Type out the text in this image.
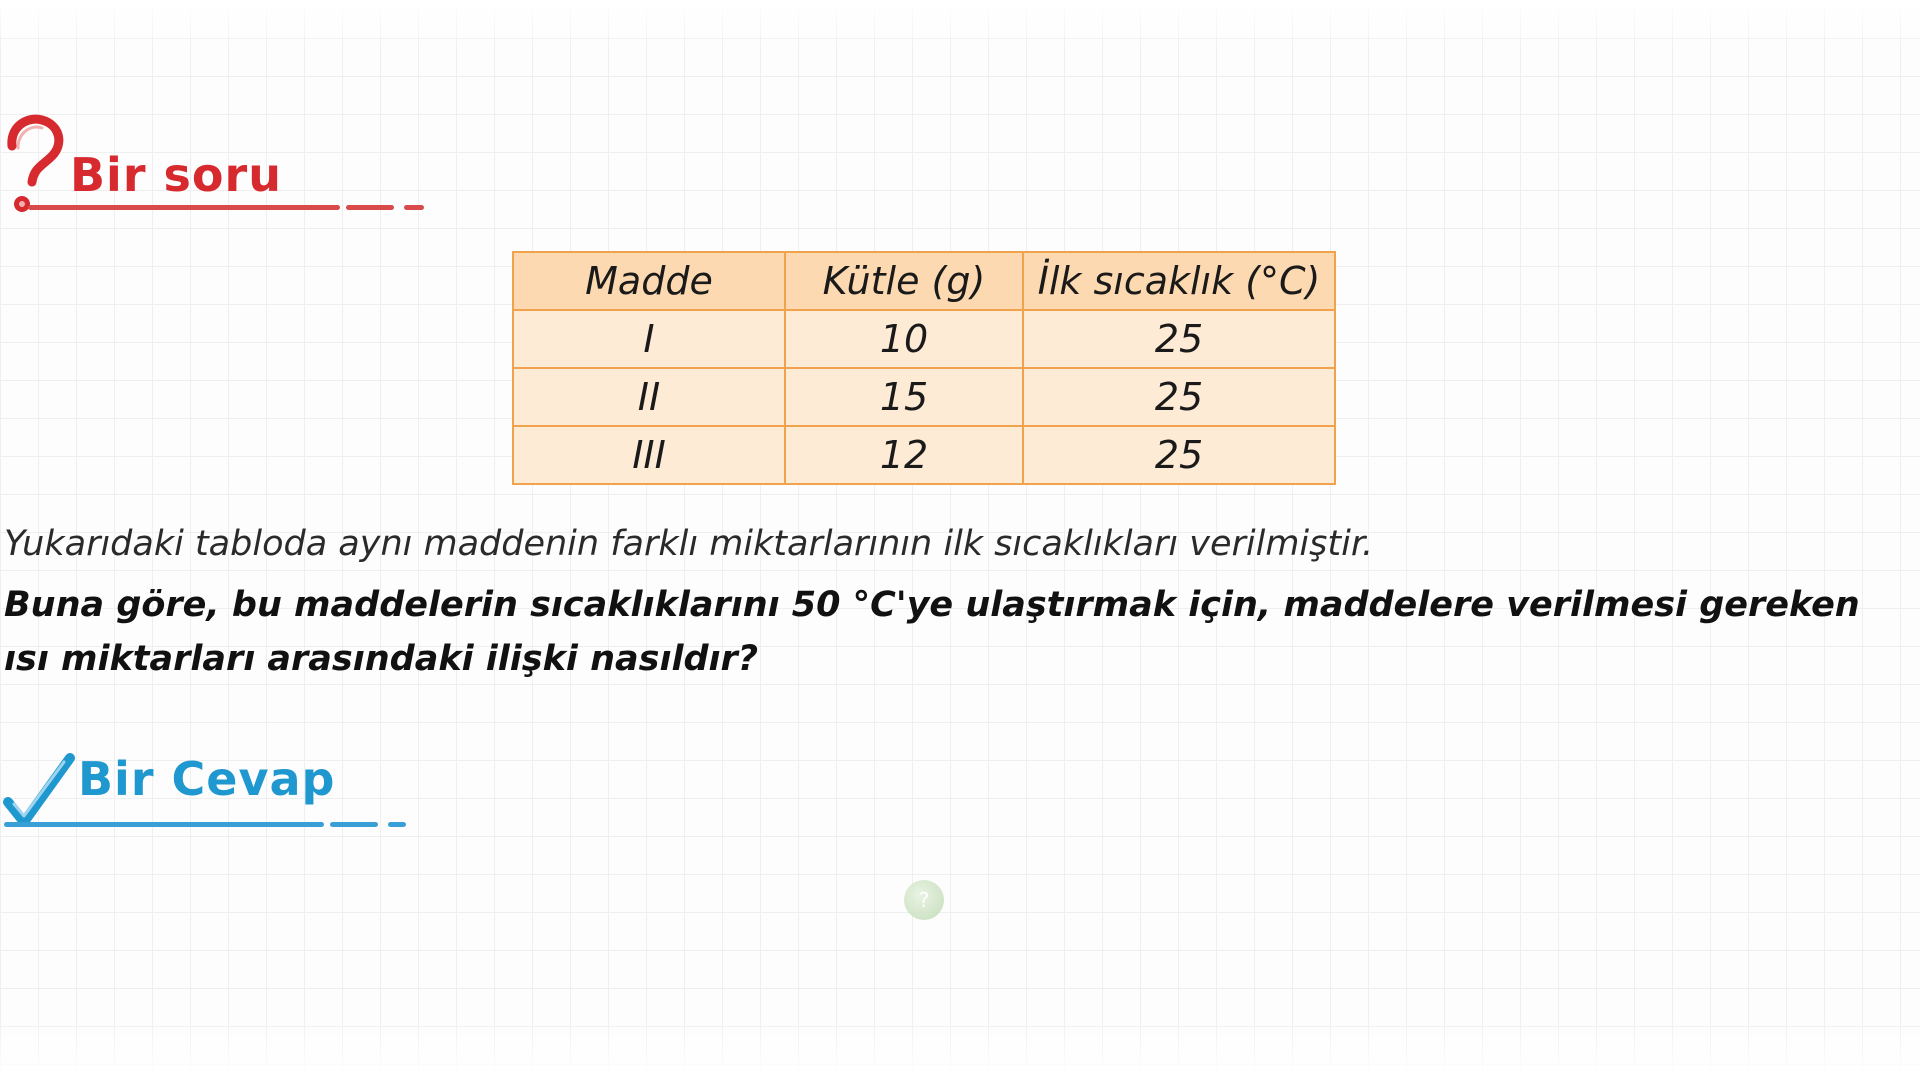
Bir soru
Madde	Kütle (g)	İlk sıcaklık (°C)
I	10	25
II	15	25
III	12	25
Yukarıdaki tabloda aynı maddenin farklı miktarlarının ilk sıcaklıkları verilmiştir.
Buna göre, bu maddelerin sıcaklıklarını 50 °C'ye ulaştırmak için, maddelere verilmesi gereken ısı miktarları arasındaki ilişki nasıldır?
Bir Cevap
?
